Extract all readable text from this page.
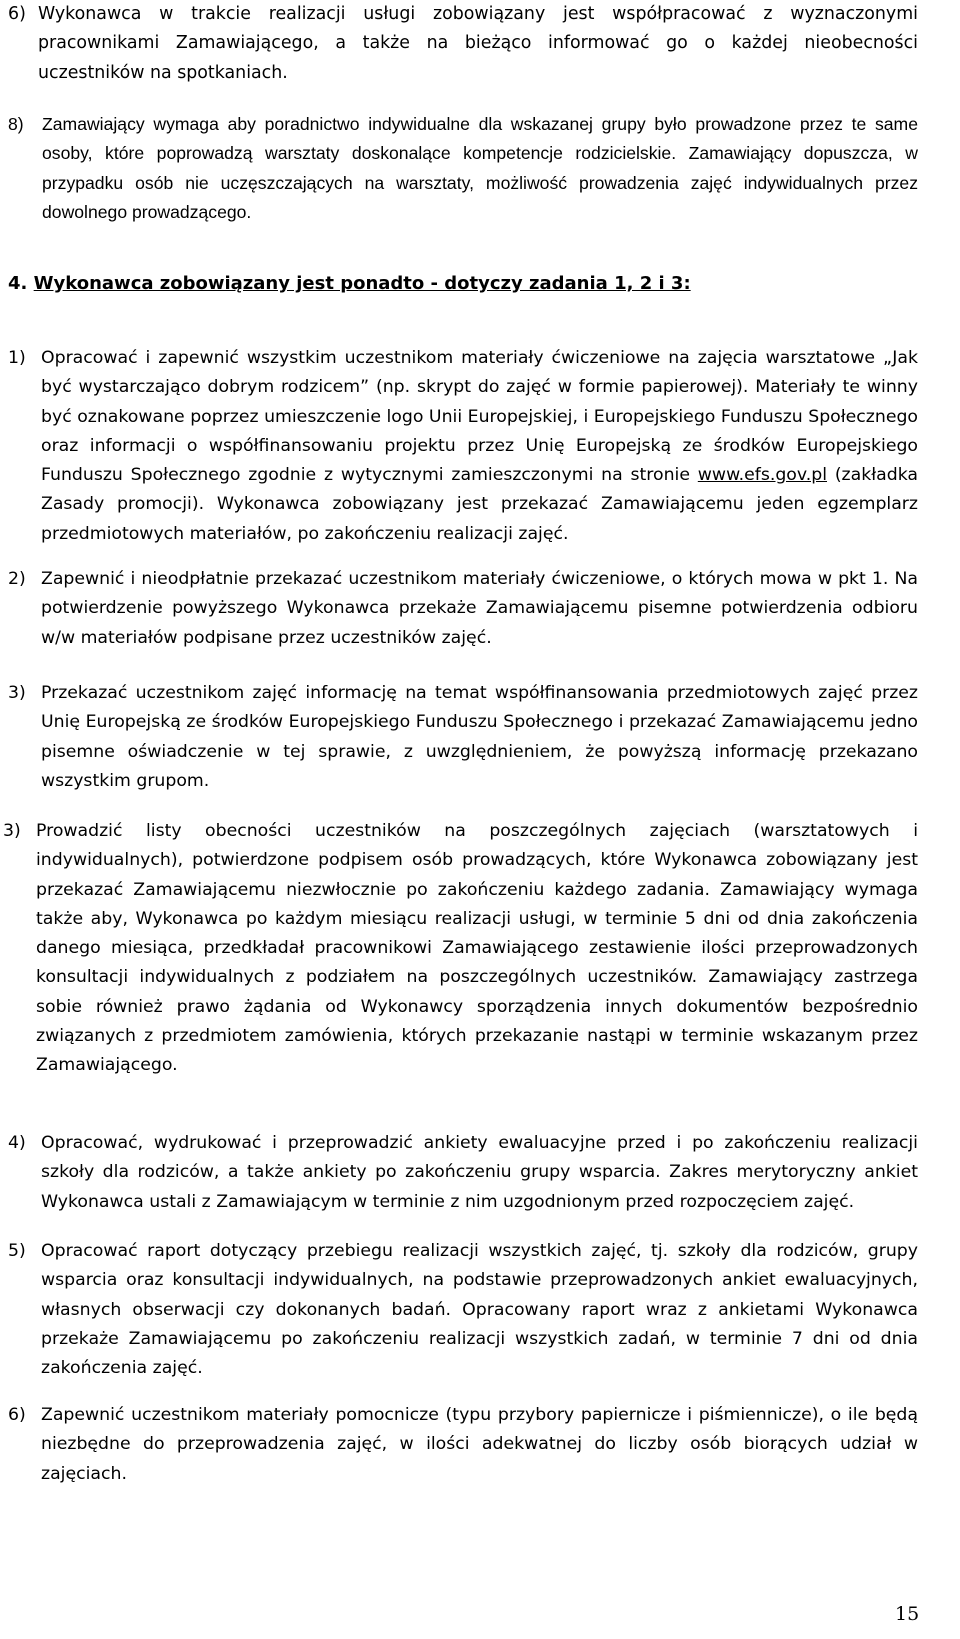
6) Wykonawca w trakcie realizacji usługi zobowiązany jest współpracować z wyznaczonymi pracownikami Zamawiającego, a także na bieżąco informować go o każdej nieobecności uczestników na spotkaniach.
8) Zamawiający wymaga aby poradnictwo indywidualne dla wskazanej grupy było prowadzone przez te same osoby, które poprowadzą warsztaty doskonalące kompetencje rodzicielskie. Zamawiający dopuszcza, w przypadku osób nie uczęszczających na warsztaty, możliwość prowadzenia zajęć indywidualnych przez dowolnego prowadzącego.
4. Wykonawca zobowiązany jest ponadto - dotyczy zadania 1, 2 i 3:
1) Opracować i zapewnić wszystkim uczestnikom materiały ćwiczeniowe na zajęcia warsztatowe „Jak być wystarczająco dobrym rodzicem” (np. skrypt do zajęć w formie papierowej). Materiały te winny być oznakowane poprzez umieszczenie logo Unii Europejskiej, i Europejskiego Funduszu Społecznego oraz informacji o współfinansowaniu projektu przez Unię Europejską ze środków Europejskiego Funduszu Społecznego zgodnie z wytycznymi zamieszczonymi na stronie www.efs.gov.pl (zakładka Zasady promocji). Wykonawca zobowiązany jest przekazać Zamawiającemu jeden egzemplarz przedmiotowych materiałów, po zakończeniu realizacji zajęć.
2) Zapewnić i nieodpłatnie przekazać uczestnikom materiały ćwiczeniowe, o których mowa w pkt 1. Na potwierdzenie powyższego Wykonawca przekaże Zamawiającemu pisemne potwierdzenia odbioru w/w materiałów podpisane przez uczestników zajęć.
3) Przekazać uczestnikom zajęć informację na temat współfinansowania przedmiotowych zajęć przez Unię Europejską ze środków Europejskiego Funduszu Społecznego i przekazać Zamawiającemu jedno pisemne oświadczenie w tej sprawie, z uwzględnieniem, że powyższą informację przekazano wszystkim grupom.
3) Prowadzić listy obecności uczestników na poszczególnych zajęciach (warsztatowych i indywidualnych), potwierdzone podpisem osób prowadzących, które Wykonawca zobowiązany jest przekazać Zamawiającemu niezwłocznie po zakończeniu każdego zadania. Zamawiający wymaga także aby, Wykonawca po każdym miesiącu realizacji usługi, w terminie 5 dni od dnia zakończenia danego miesiąca, przedkładał pracownikowi Zamawiającego zestawienie ilości przeprowadzonych konsultacji indywidualnych z podziałem na poszczególnych uczestników. Zamawiający zastrzega sobie również prawo żądania od Wykonawcy sporządzenia innych dokumentów bezpośrednio związanych z przedmiotem zamówienia, których przekazanie nastąpi w terminie wskazanym przez Zamawiającego.
4) Opracować, wydrukować i przeprowadzić ankiety ewaluacyjne przed i po zakończeniu realizacji szkoły dla rodziców, a także ankiety po zakończeniu grupy wsparcia. Zakres merytoryczny ankiet Wykonawca ustali z Zamawiającym w terminie z nim uzgodnionym przed rozpoczęciem zajęć.
5) Opracować raport dotyczący przebiegu realizacji wszystkich zajęć, tj. szkoły dla rodziców, grupy wsparcia oraz konsultacji indywidualnych, na podstawie przeprowadzonych ankiet ewaluacyjnych, własnych obserwacji czy dokonanych badań. Opracowany raport wraz z ankietami Wykonawca przekaże Zamawiającemu po zakończeniu realizacji wszystkich zadań, w terminie 7 dni od dnia zakończenia zajęć.
6) Zapewnić uczestnikom materiały pomocnicze (typu przybory papiernicze i piśmiennicze), o ile będą niezbędne do przeprowadzenia zajęć, w ilości adekwatnej do liczby osób biorących udział w zajęciach.
15
